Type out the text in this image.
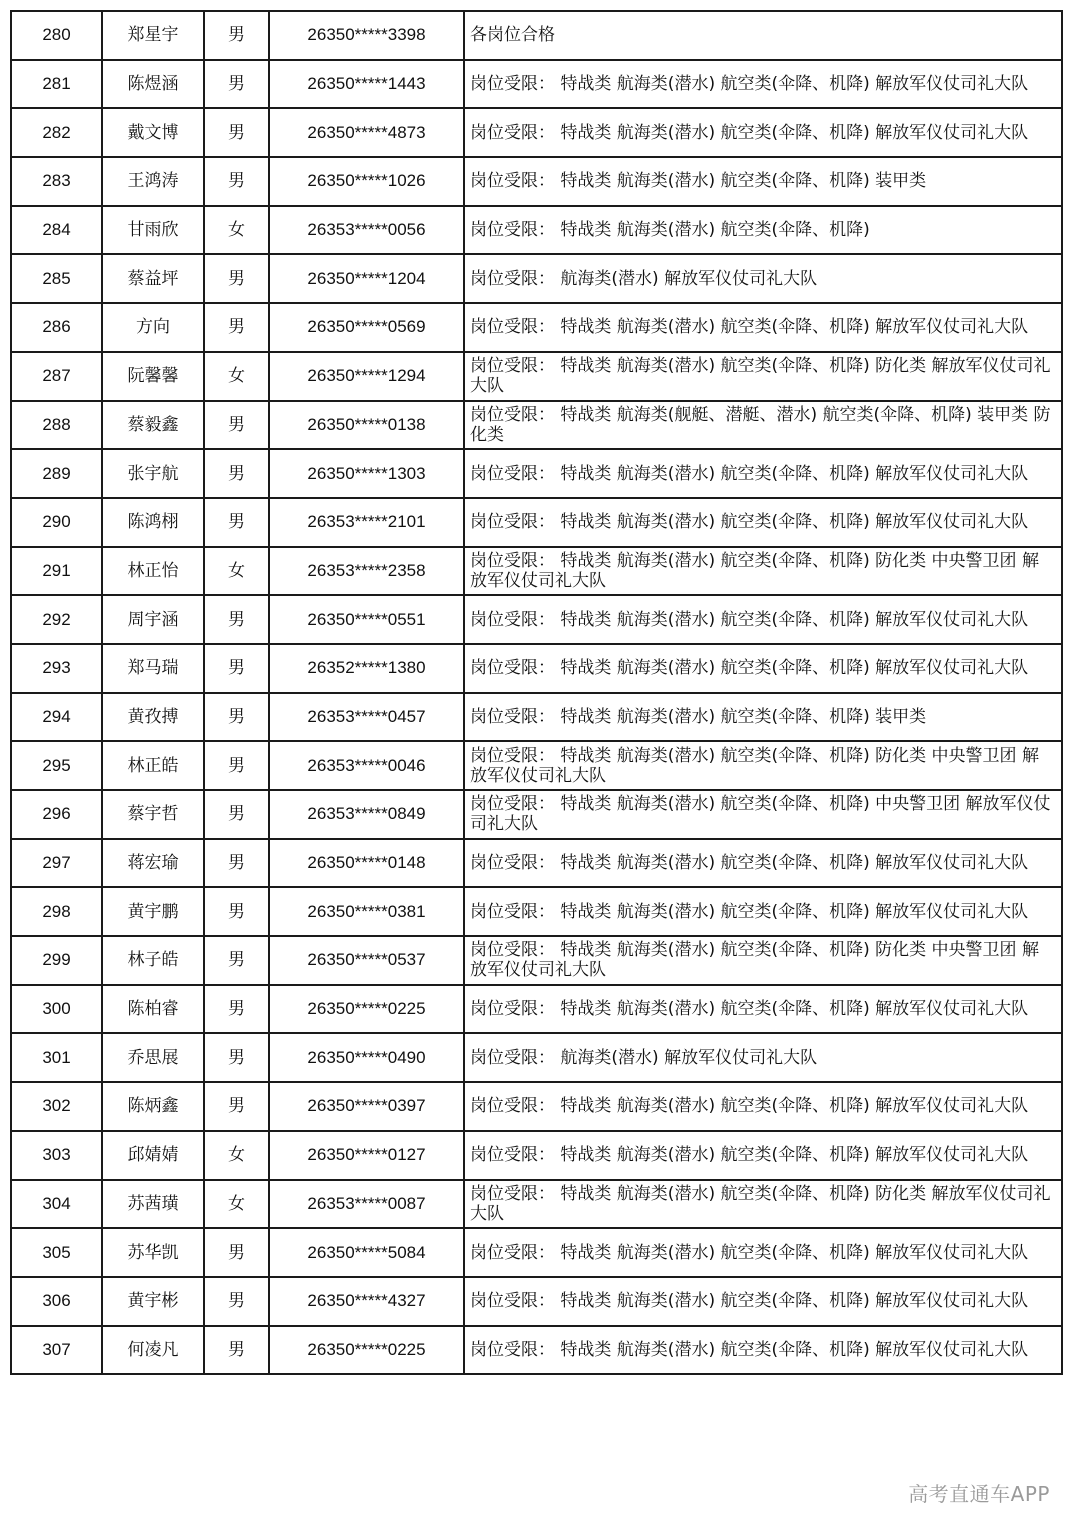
280	郑星宇	男	26350*****3398	各岗位合格
281	陈煜涵	男	26350*****1443	岗位受限： 特战类 航海类(潜水) 航空类(伞降、机降) 解放军仪仗司礼大队
282	戴文博	男	26350*****4873	岗位受限： 特战类 航海类(潜水) 航空类(伞降、机降) 解放军仪仗司礼大队
283	王鸿涛	男	26350*****1026	岗位受限： 特战类 航海类(潜水) 航空类(伞降、机降) 装甲类
284	甘雨欣	女	26353*****0056	岗位受限： 特战类 航海类(潜水) 航空类(伞降、机降)
285	蔡益坪	男	26350*****1204	岗位受限： 航海类(潜水) 解放军仪仗司礼大队
286	方向	男	26350*****0569	岗位受限： 特战类 航海类(潜水) 航空类(伞降、机降) 解放军仪仗司礼大队
287	阮馨馨	女	26350*****1294	岗位受限： 特战类 航海类(潜水) 航空类(伞降、机降) 防化类 解放军仪仗司礼大队
288	蔡毅鑫	男	26350*****0138	岗位受限： 特战类 航海类(舰艇、潜艇、潜水) 航空类(伞降、机降) 装甲类 防化类
289	张宇航	男	26350*****1303	岗位受限： 特战类 航海类(潜水) 航空类(伞降、机降) 解放军仪仗司礼大队
290	陈鸿栩	男	26353*****2101	岗位受限： 特战类 航海类(潜水) 航空类(伞降、机降) 解放军仪仗司礼大队
291	林正怡	女	26353*****2358	岗位受限： 特战类 航海类(潜水) 航空类(伞降、机降) 防化类 中央警卫团 解放军仪仗司礼大队
292	周宇涵	男	26350*****0551	岗位受限： 特战类 航海类(潜水) 航空类(伞降、机降) 解放军仪仗司礼大队
293	郑马瑞	男	26352*****1380	岗位受限： 特战类 航海类(潜水) 航空类(伞降、机降) 解放军仪仗司礼大队
294	黄孜搏	男	26353*****0457	岗位受限： 特战类 航海类(潜水) 航空类(伞降、机降) 装甲类
295	林正皓	男	26353*****0046	岗位受限： 特战类 航海类(潜水) 航空类(伞降、机降) 防化类 中央警卫团 解放军仪仗司礼大队
296	蔡宇哲	男	26353*****0849	岗位受限： 特战类 航海类(潜水) 航空类(伞降、机降) 中央警卫团 解放军仪仗司礼大队
297	蒋宏瑜	男	26350*****0148	岗位受限： 特战类 航海类(潜水) 航空类(伞降、机降) 解放军仪仗司礼大队
298	黄宇鹏	男	26350*****0381	岗位受限： 特战类 航海类(潜水) 航空类(伞降、机降) 解放军仪仗司礼大队
299	林子皓	男	26350*****0537	岗位受限： 特战类 航海类(潜水) 航空类(伞降、机降) 防化类 中央警卫团 解放军仪仗司礼大队
300	陈柏睿	男	26350*****0225	岗位受限： 特战类 航海类(潜水) 航空类(伞降、机降) 解放军仪仗司礼大队
301	乔思展	男	26350*****0490	岗位受限： 航海类(潜水) 解放军仪仗司礼大队
302	陈炳鑫	男	26350*****0397	岗位受限： 特战类 航海类(潜水) 航空类(伞降、机降) 解放军仪仗司礼大队
303	邱婧婧	女	26350*****0127	岗位受限： 特战类 航海类(潜水) 航空类(伞降、机降) 解放军仪仗司礼大队
304	苏茜璜	女	26353*****0087	岗位受限： 特战类 航海类(潜水) 航空类(伞降、机降) 防化类 解放军仪仗司礼大队
305	苏华凯	男	26350*****5084	岗位受限： 特战类 航海类(潜水) 航空类(伞降、机降) 解放军仪仗司礼大队
306	黄宇彬	男	26350*****4327	岗位受限： 特战类 航海类(潜水) 航空类(伞降、机降) 解放军仪仗司礼大队
307	何凌凡	男	26350*****0225	岗位受限： 特战类 航海类(潜水) 航空类(伞降、机降) 解放军仪仗司礼大队
高考直通车APP
